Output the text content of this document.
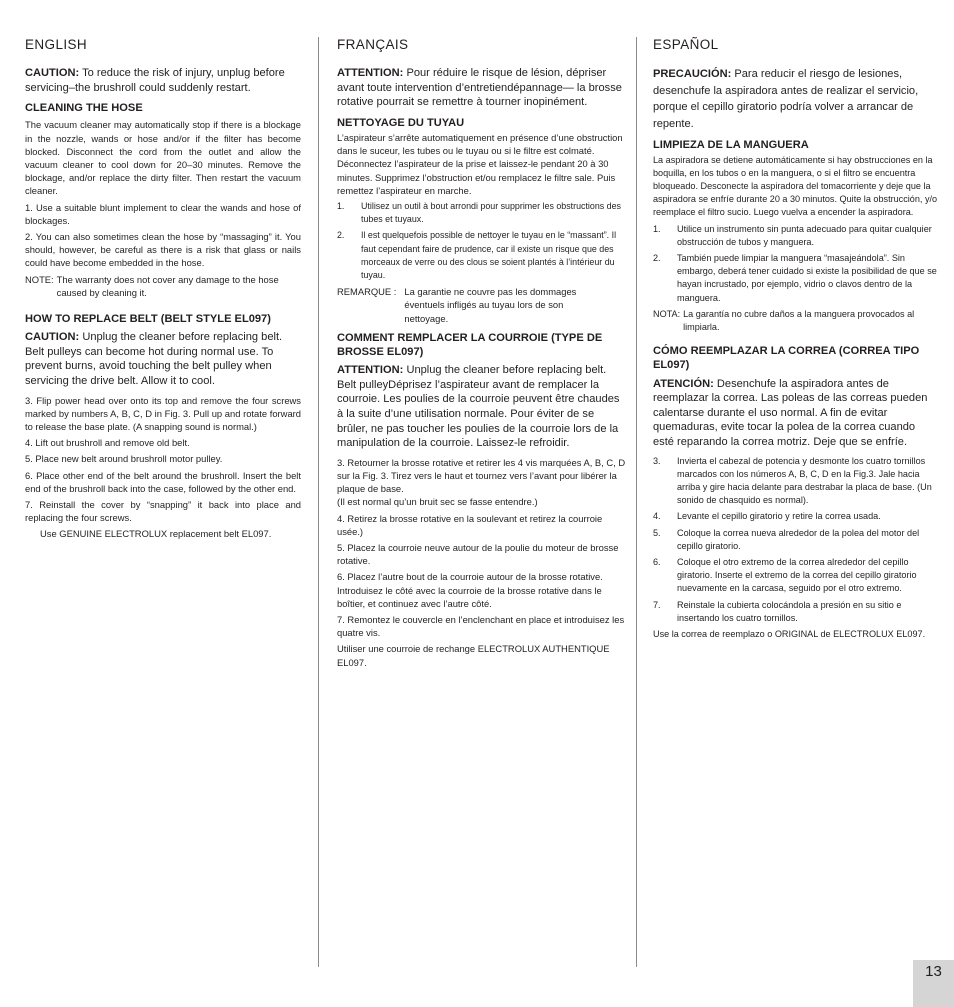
ENGLISH
CAUTION: To reduce the risk of injury, unplug before servicing–the brushroll could suddenly restart.
CLEANING THE HOSE
The vacuum cleaner may automatically stop if there is a blockage in the nozzle, wands or hose and/or if the filter has become blocked. Disconnect the cord from the outlet and allow the vacuum cleaner to cool down for 20–30 minutes. Remove the blockage, and/or replace the dirty filter. Then restart the vacuum cleaner.
1. Use a suitable blunt implement to clear the wands and hose of blockages.
2. You can also sometimes clean the hose by “massaging” it. You should, however, be careful as there is a risk that glass or nails could have become embedded in the hose.
NOTE: The warranty does not cover any damage to the hose caused by cleaning it.
HOW TO REPLACE BELT (BELT STYLE EL097)
CAUTION: Unplug the cleaner before replacing belt. Belt pulleys can become hot during normal use. To prevent burns, avoid touching the belt pulley when servicing the drive belt. Allow it to cool.
3. Flip power head over onto its top and remove the four screws marked by numbers A, B, C, D in Fig. 3. Pull up and rotate forward to release the base plate. (A snapping sound is normal.)
4. Lift out brushroll and remove old belt.
5. Place new belt around brushroll motor pulley.
6. Place other end of the belt around the brushroll. Insert the belt end of the brushroll back into the case, followed by the other end.
7. Reinstall the cover by “snapping” it back into place and replacing the four screws.
Use GENUINE ELECTROLUX replacement belt EL097.
FRANÇAIS
ATTENTION: Pour réduire le risque de lésion, dépriser avant toute intervention d’entretiendépannage— la brosse rotative pourrait se remettre à tourner inopinément.
NETTOYAGE DU TUYAU
L’aspirateur s’arrête automatiquement en présence d’une obstruction dans le suceur, les tubes ou le tuyau ou si le filtre est colmaté. Déconnectez l’aspirateur de la prise et laissez-le pendant 20 à 30 minutes. Supprimez l’obstruction et/ou remplacez le filtre sale. Puis remettez l’aspirateur en marche.
1.	Utilisez un outil à bout arrondi pour supprimer les obstructions des tubes et tuyaux.
2.	Il est quelquefois possible de nettoyer le tuyau en le “massant”. Il faut cependant faire de prudence, car il existe un risque que des morceaux de verre ou des clous se soient plantés à l’intérieur du tuyau.
REMARQUE : La garantie ne couvre pas les dommages éventuels infligés au tuyau lors de son nettoyage.
COMMENT REMPLACER LA COURROIE (TYPE DE BROSSE EL097)
ATTENTION: Unplug the cleaner before replacing belt. Belt pulleyDéprisez l’aspirateur avant de remplacer la courroie. Les poulies de la courroie peuvent être chaudes à la suite d’une utilisation normale. Pour éviter de se brûler, ne pas toucher les poulies de la courroie lors de la manipulation de la courroie. Laissez-le refroidir.
3. Retourner la brosse rotative et retirer les 4 vis marquées A, B, C, D sur la Fig. 3. Tirez vers le haut et tournez vers l’avant pour libérer la plaque de base.
(Il est normal qu’un bruit sec se fasse entendre.)
4. Retirez la brosse rotative en la soulevant et retirez la courroie usée.)
5. Placez la courroie neuve autour de la poulie du moteur de brosse rotative.
6. Placez l’autre bout de la courroie autour de la brosse rotative. Introduisez le côté avec la courroie de la brosse rotative dans le boîtier, et continuez avec l’autre côté.
7. Remontez le couvercle en l’enclenchant en place et introduisez les quatre vis.
Utiliser une courroie de rechange ELECTROLUX AUTHENTIQUE EL097.
ESPAÑOL
PRECAUCIÓN: Para reducir el riesgo de lesiones, desenchufe la aspiradora antes de realizar el servicio, porque el cepillo giratorio podría volver a arrancar de repente.
LIMPIEZA DE LA MANGUERA
La aspiradora se detiene automáticamente si hay obstrucciones en la boquilla, en los tubos o en la manguera, o si el filtro se encuentra bloqueado. Desconecte la aspiradora del tomacorriente y deje que la aspiradora se enfríe durante 20 a 30 minutos. Quite la obstrucción, y/o reemplace el filtro sucio. Luego vuelva a encender la aspiradora.
1.	Utilice un instrumento sin punta adecuado para quitar cualquier obstrucción de tubos y manguera.
2.	También puede limpiar la manguera “masajeándola”. Sin embargo, deberá tener cuidado si existe la posibilidad de que se hayan incrustado, por ejemplo, vidrio o clavos dentro de la manguera.
NOTA: La garantía no cubre daños a la manguera provocados al limpiarla.
CÓMO REEMPLAZAR LA CORREA (CORREA TIPO EL097)
ATENCIÓN: Desenchufe la aspiradora antes de reemplazar la correa. Las poleas de las correas pueden calentarse durante el uso normal. A fin de evitar quemaduras, evite tocar la polea de la correa cuando esté reparando la correa motriz. Deje que se enfríe.
3.	Invierta el cabezal de potencia y desmonte los cuatro tornillos marcados con los números A, B, C, D en la Fig.3. Jale hacia arriba y gire hacia delante para destrabar la placa de base. (Un sonido de chasquido es normal).
4.	Levante el cepillo giratorio y retire la correa usada.
5.	Coloque la correa nueva alrededor de la polea del motor del cepillo giratorio.
6.	Coloque el otro extremo de la correa alrededor del cepillo giratorio. Inserte el extremo de la correa del cepillo giratorio nuevamente en la carcasa, seguido por el otro extremo.
7.	Reinstale la cubierta colocándola a presión en su sitio e insertando los cuatro tornillos.
Use la correa de reemplazo o ORIGINAL de ELECTROLUX EL097.
13
